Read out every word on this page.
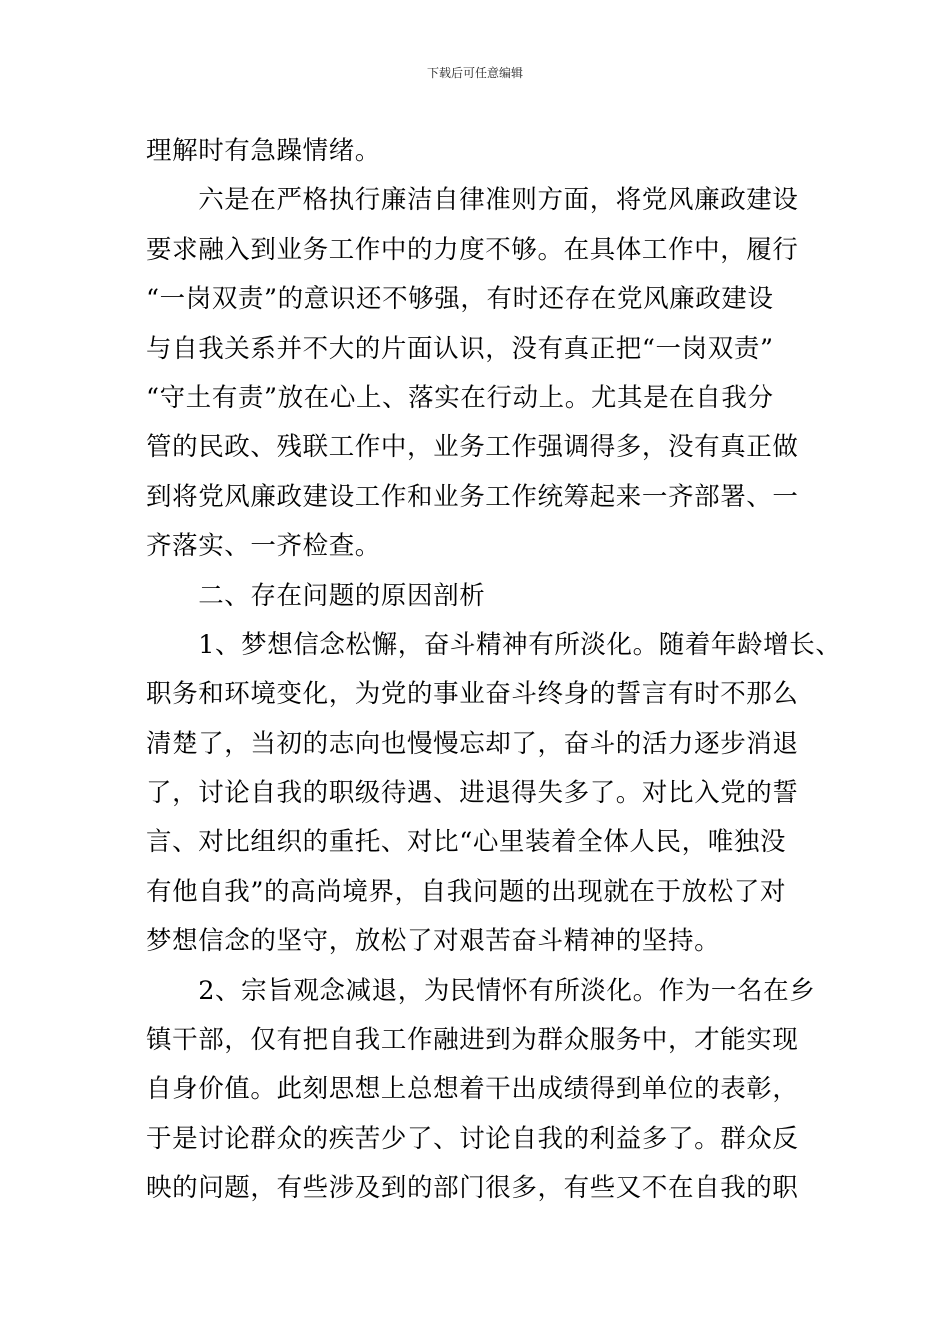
下载后可任意编辑
理解时有急躁情绪。
　　六是在严格执行廉洁自律准则方面，将党风廉政建设
要求融入到业务工作中的力度不够。在具体工作中，履行
“一岗双责”的意识还不够强，有时还存在党风廉政建设
与自我关系并不大的片面认识，没有真正把“一岗双责”
“守土有责”放在心上、落实在行动上。尤其是在自我分
管的民政、残联工作中，业务工作强调得多，没有真正做
到将党风廉政建设工作和业务工作统筹起来一齐部署、一
齐落实、一齐检查。
　　二、存在问题的原因剖析
　　1、梦想信念松懈，奋斗精神有所淡化。随着年龄增长、
职务和环境变化，为党的事业奋斗终身的誓言有时不那么
清楚了，当初的志向也慢慢忘却了，奋斗的活力逐步消退
了，讨论自我的职级待遇、进退得失多了。对比入党的誓
言、对比组织的重托、对比“心里装着全体人民，唯独没
有他自我”的高尚境界，自我问题的出现就在于放松了对
梦想信念的坚守，放松了对艰苦奋斗精神的坚持。
　　2、宗旨观念减退，为民情怀有所淡化。作为一名在乡
镇干部，仅有把自我工作融进到为群众服务中，才能实现
自身价值。此刻思想上总想着干出成绩得到单位的表彰，
于是讨论群众的疾苦少了、讨论自我的利益多了。群众反
映的问题，有些涉及到的部门很多，有些又不在自我的职
